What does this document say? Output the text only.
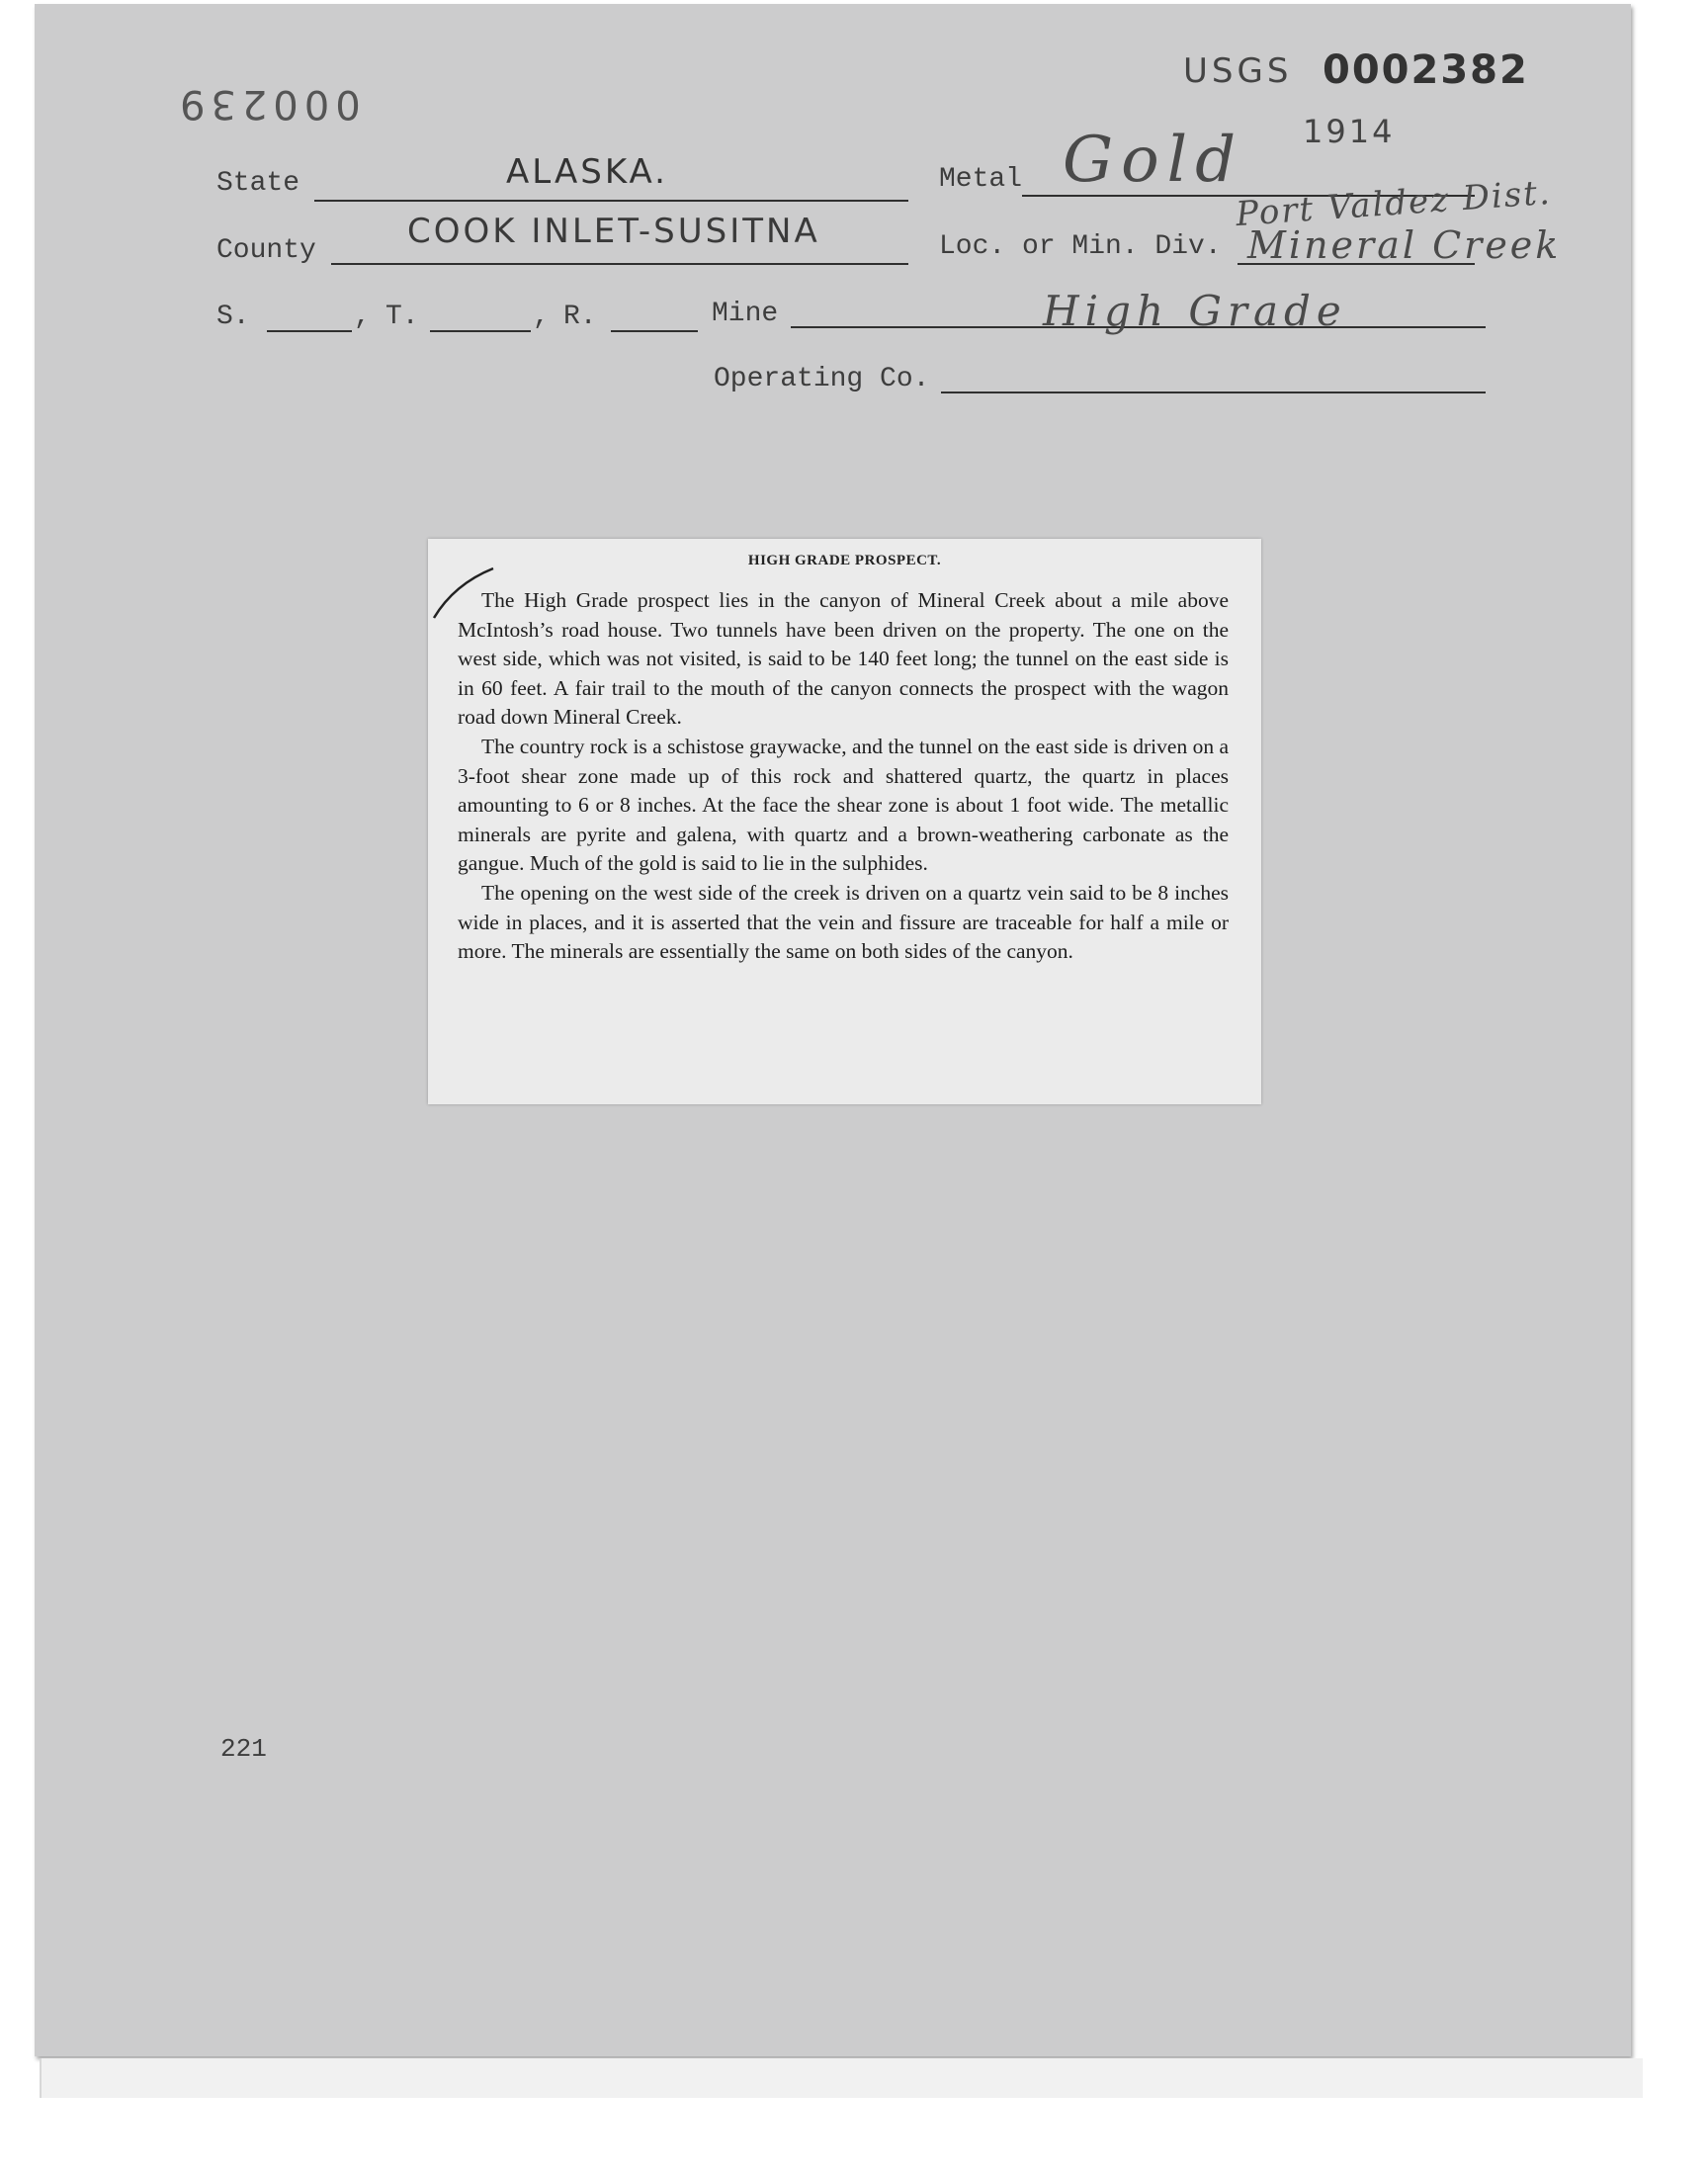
000239
USGS 0002382
1914
State	ALASKA.	Metal Gold
Port Valdez Dist.
County	COOK INLET-SUSITNA	Loc. or Min. Div. Mineral Creek
S.	, T.	, R.	Mine	High Grade
Operating Co.
HIGH GRADE PROSPECT.

The High Grade prospect lies in the canyon of Mineral Creek about a mile above McIntosh’s road house. Two tunnels have been driven on the property. The one on the west side, which was not visited, is said to be 140 feet long; the tunnel on the east side is in 60 feet. A fair trail to the mouth of the canyon connects the prospect with the wagon road down Mineral Creek.

The country rock is a schistose graywacke, and the tunnel on the east side is driven on a 3-foot shear zone made up of this rock and shattered quartz, the quartz in places amounting to 6 or 8 inches. At the face the shear zone is about 1 foot wide. The metallic minerals are pyrite and galena, with quartz and a brown-weathering carbonate as the gangue. Much of the gold is said to lie in the sulphides.

The opening on the west side of the creek is driven on a quartz vein said to be 8 inches wide in places, and it is asserted that the vein and fissure are traceable for half a mile or more. The minerals are essentially the same on both sides of the canyon.

221
